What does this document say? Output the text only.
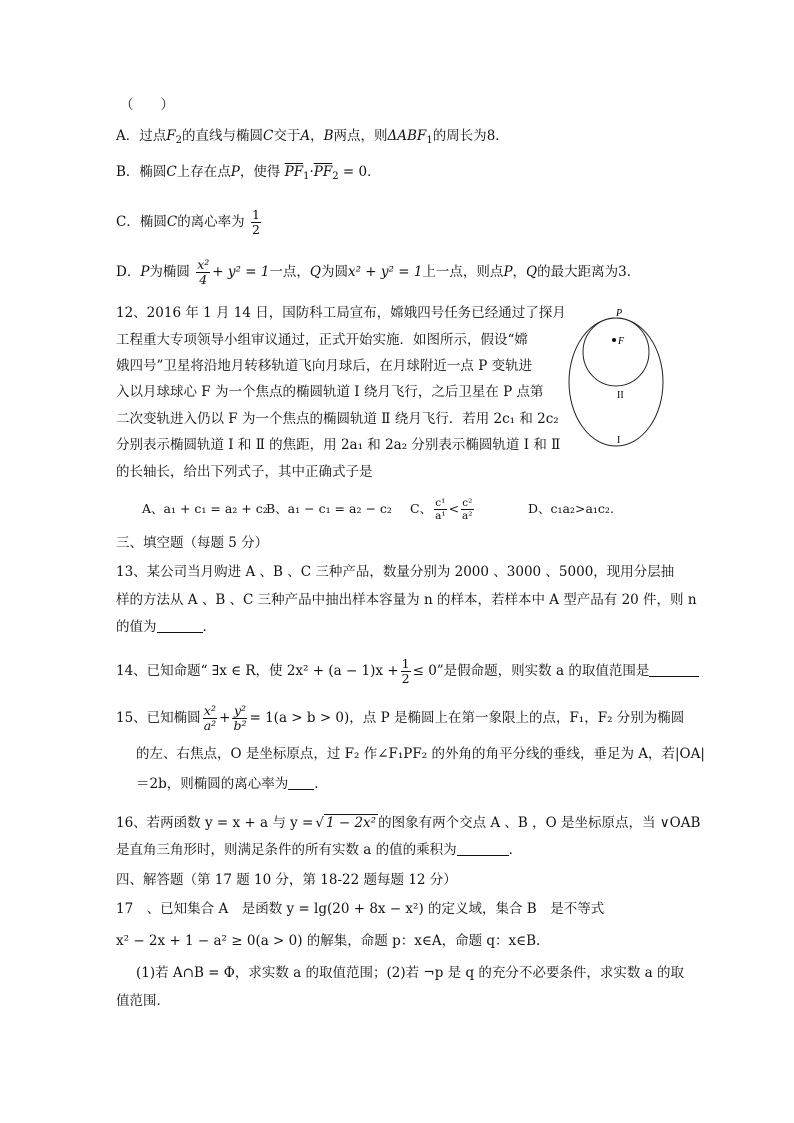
（　　）
A．过点$F_2$的直线与椭圆C交于A，B两点，则$\Delta ABF_1$的周长为8．
B．椭圆C上存在点P，使得 $\overline{PF}_1\cdot\overline{PF}_2 = 0$．
C．椭圆C的离心率为 $\frac{1}{2}$
D．P为椭圆 $\frac{\text{x²}}{4} + y^2 = 1$一点，Q为圆x² + y² = 1上一点，则点P，Q的最大距离为3．
12、2016 年 1 月 14 日，国防科工局宣布，嫦娥四号任务已经通过了探月
工程重大专项领导小组审议通过，正式开始实施．如图所示，假设“嫦
娥四号”卫星将沿地月转移轨道飞向月球后，在月球附近一点 P 变轨进
入以月球球心 F 为一个焦点的椭圆轨道 Ⅰ 绕月飞行，之后卫星在 P 点第
二次变轨进入仍以 F 为一个焦点的椭圆轨道 Ⅱ 绕月飞行．若用 2c₁ 和 2c₂
分别表示椭圆轨道 Ⅰ 和 Ⅱ 的焦距，用 2a₁ 和 2a₂ 分别表示椭圆轨道 Ⅰ 和 Ⅱ
的长轴长，给出下列式子，其中正确式子是
P
F
II
I
A、a₁ + c₁ = a₂ + c₂
B、a₁ − c₁ = a₂ − c₂ C、 $\frac{\text{c¹}}{\text{a¹}} < \frac{\text{c²}}{\text{a²}}$	D、c₁a₂>a₁c₂.
三、填空题（每题 5 分）
13、某公司当月购进 A 、B 、C 三种产品，数量分别为 2000 、3000 、5000，现用分层抽
样的方法从 A 、B 、C 三种产品中抽出样本容量为 n 的样本，若样本中 A 型产品有 20 件，则 n
的值为	．
14、已知命题“ ∃x ∈ R，使 $2x^2 + (a - 1)x + \frac{1}{2} \le 0$”是假命题，则实数 a 的取值范围是
15、已知椭圆 $\frac{\text{x²}}{\text{a²}} + \frac{\text{y²}}{\text{b²}} = 1(a > b > 0)$，点 P 是椭圆上在第一象限上的点，F₁，F₂ 分别为椭圆
的左、右焦点，O 是坐标原点，过 F₂ 作∠F₁PF₂ 的外角的角平分线的垂线，垂足为 A，若|OA|
＝2b，则椭圆的离心率为 ．
16、若两函数 y = x + a 与 y = √ 1 − 2x² 的图象有两个交点 A 、B ，O 是坐标原点，当 ∨OAB
是直角三角形时，则满足条件的所有实数 a 的值的乘积为	．
四、解答题（第 17 题 10 分，第 18-22 题每题 12 分）
17　、已知集合 A　是函数 y = lg(20 + 8x − x²) 的定义域，集合 B　是不等式
x² − 2x + 1 − a² ≥ 0(a > 0) 的解集，命题 p：x∈A，命题 q：x∈B.
(1)若 A∩B = Φ，求实数 a 的取值范围；(2)若 ¬p 是 q 的充分不必要条件，求实数 a 的取
值范围．
